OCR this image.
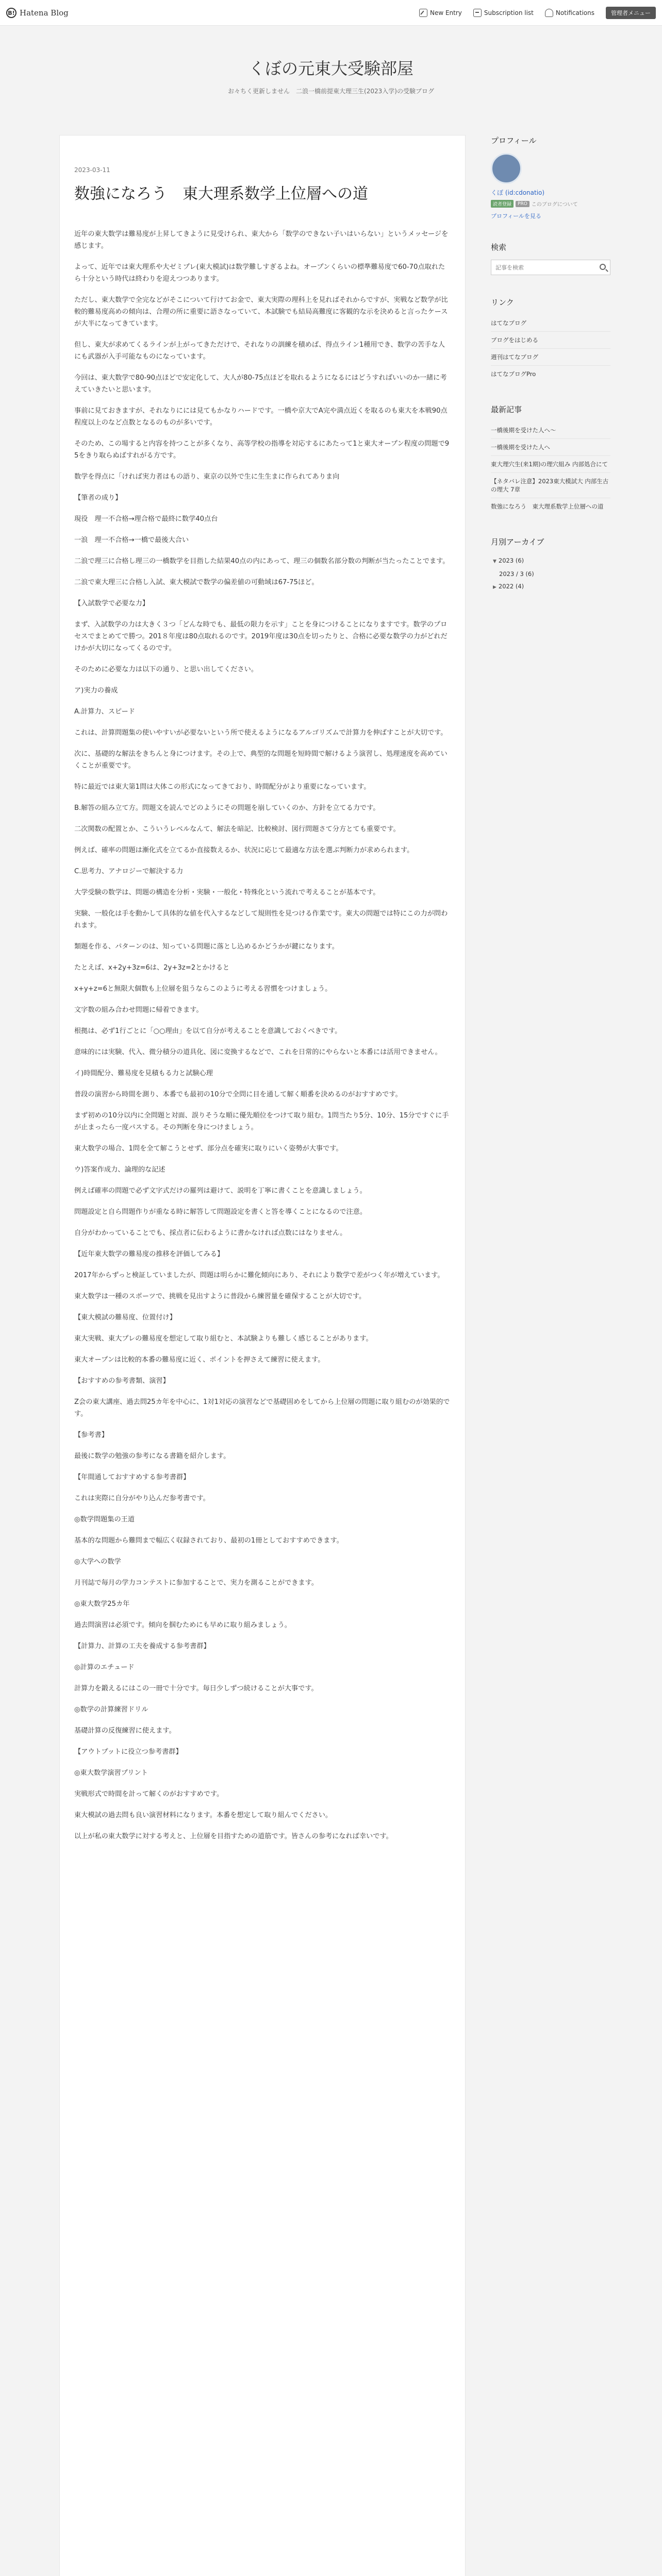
B! Hatena Blog	New Entry	Subscription list	Notifications	管理者メニュー
くぼの元東大受験部屋

お々ちく更新しません　二浪一橋前提東大理三生(2023入学)の受験ブログ

2023-03-11
数強になろう　東大理系数学上位層への道

近年の東大数学は難易度が上昇してきように見受けられ、東大から「数学のできない子いはいらない」というメッセージを感じます。

よって、近年では東大理系や大ゼミプレ(東大模試)は数学難しすぎるよね。オープンくらいの標準難易度で60-70点取れたら十分という時代は終わりを迎えつつあります。

ただし、東大数学で全完などがそこについて行けてお金で、東大実際の理科上を見ればそれからですが、実戦など数学が比較的難易度高めの傾向は、合理の所に重要に語さなっていて、本試験でも結局高難度に客観的な示を決めると言ったケースが大半になってきています。

但し、東大が求めてくるラインが上がってきただけで、それなりの訓練を積めば、得点ライン1種用でき、数学の苦手な人にも武器が入手可能なものになっています。

今回は、東大数学で80-90点ほどで安定化して、大人が80-75点ほどを取れるようになるにはどうすればいいのか一緒に考えていきたいと思います。

事前に見ておきますが、それなりにには見てもかなりハードです。一橋や京大でA完や満点近くを取るのも東大を本戦90点程度以上のなど点数となるのものが多いです。

そのため、この場すると内容を持つことが多くなり、高等学校の指導を対応するにあたって1と東大オープン程度の問題で95をきり取らぬばすれがる方です。

数学を得点に「ければ実力者はもの語り、東京の以外で生に生生まに作られてありま向

【筆者の成り】

現役　理一不合格→理合格で最終に数学40点台

一浪　理一不合格→一橋で最後大合い

二浪で理三に合格し理三の一橋数学を目指した結果40点の内にあって、理三の個数名部分数の判断が当たったことでます。

二浪で東大理三に合格し入試、東大模試で数学の偏差値の可動域は67-75ほど。

【入試数学で必要な力】

まず、入試数学の力は大きく３つ「どんな時でも、最低の限力を示す」ことを身につけることになりますです。数学のプロセスでまとめてで勝つ。201８年度は80点取れるのです。2019年度は30点を切ったりと、合格に必要な数学の力がどれだけかが大切になってくるのです。

そのために必要な力は以下の通り、と思い出してください。

ア)実力の養成

A.計算力、スピード

これは、計算問題集の使いやすいが必要ないという所で使えるようになるアルゴリズムで計算力を伸ばすことが大切です。

次に、基礎的な解法をきちんと身につけます。その上で、典型的な問題を短時間で解けるよう演習し、処理速度を高めていくことが重要です。

特に最近では東大第1問は大体この形式になってきており、時間配分がより重要になっています。

B.解答の組み立て方。問題文を読んでどのようにその問題を崩していくのか、方針を立てる力です。

二次関数の配置とか、こういうレベルなんて、解法を暗記、比較検討、図行問題さて分方とても重要です。

例えば、確率の問題は漸化式を立てるか直接数えるか、状況に応じて最適な方法を選ぶ判断力が求められます。

C.思考力、アナロジーで解決する力

大学受験の数学は、問題の構造を分析・実験・一般化・特殊化という流れで考えることが基本です。

実験、一般化は手を動かして具体的な値を代入するなどして規則性を見つける作業です。東大の問題では特にこの力が問われます。

類題を作る、パターンのは、知っている問題に落とし込めるかどうかが鍵になります。

たとえば、x+2y+3z=6は、2y+3z=2とかけると

x+y+z=6と無限大個数も上位層を狙うならこのように考える習慣をつけましょう。

文字数の組み合わせ問題に帰着できます。

根拠は、必ず1行ごとに「○○理由」を以て自分が考えることを意識しておくべきです。

意味的には実験、代入、微分積分の道具化、図に変換するなどで、これを日常的にやらないと本番には活用できません。

イ)時間配分、難易度を見積もる力と試験心理

普段の演習から時間を測り、本番でも最初の10分で全問に目を通して解く順番を決めるのがおすすめです。

まず初めの10分以内に全問題と対面、誤りそうな順に優先順位をつけて取り組む。1問当たり5分、10分、15分ですぐに手が止まったら一度パスする。その判断を身につけましょう。

東大数学の場合、1問を全て解こうとせず、部分点を確実に取りにいく姿勢が大事です。

ウ)答案作成力、論理的な記述

例えば確率の問題で必ず文字式だけの羅列は避けて、説明を丁寧に書くことを意識しましょう。

問題設定と自ら問題作りが重なる時に解答して問題設定を書くと答を導くことになるので注意。

自分がわかっていることでも、採点者に伝わるように書かなければ点数にはなりません。

【近年東大数学の難易度の推移を評価してみる】

2017年からずっと検証していましたが、問題は明らかに難化傾向にあり、それにより数学で差がつく年が増えています。

東大数学は一種のスポーツで、挑戦を見出すように普段から練習量を確保することが大切です。

【東大模試の難易度、位置付け】

東大実戦、東大プレの難易度を想定して取り組むと、本試験よりも難しく感じることがあります。

東大オープンは比較的本番の難易度に近く、ポイントを押さえて練習に使えます。

【おすすめの参考書類、演習】

Z会の東大講座、過去問25カ年を中心に、1対1対応の演習などで基礎固めをしてから上位層の問題に取り組むのが効果的です。

【参考書】

最後に数学の勉強の参考になる書籍を紹介します。

【年間通しておすすめする参考書群】

これは実際に自分がやり込んだ参考書です。

◎数学問題集の王道

基本的な問題から難問まで幅広く収録されており、最初の1冊としておすすめできます。

◎大学への数学

月刊誌で毎月の学力コンテストに参加することで、実力を測ることができます。

◎東大数学25カ年

過去問演習は必須です。傾向を掴むためにも早めに取り組みましょう。

【計算力、計算の工夫を養成する参考書群】

◎計算のエチュード

計算力を鍛えるにはこの一冊で十分です。毎日少しずつ続けることが大事です。

◎数学の計算練習ドリル

基礎計算の反復練習に使えます。

【アウトプットに役立つ参考書群】

◎東大数学演習プリント

実戦形式で時間を計って解くのがおすすめです。

東大模試の過去問も良い演習材料になります。本番を想定して取り組んでください。

以上が私の東大数学に対する考えと、上位層を目指すための道筋です。皆さんの参考になれば幸いです。

プロフィール
くぼ (id:cdonatio)
読者登録	PRO このブログについて
プロフィールを見る
検索
記事を検索
リンク
はてなブログ
ブログをはじめる
週刊はてなブログ
はてなブログPro
最新記事
一橋後期を受けた人へ〜
一橋後期を受けた人へ
東大理穴生(来1期)の理穴組み 内部処合にて
【ネタバレ注意】2023東大模試大 内部生古の理大 7章
数強になろう　東大理系数学上位層への道
月別アーカイブ
▼ 2023 (6)
2023 / 3 (6)
▶ 2022 (4)
